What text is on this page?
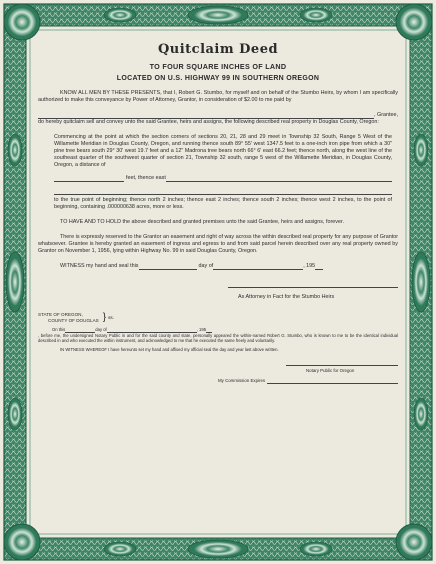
SOB 8-5
Quitclaim Deed
TO FOUR SQUARE INCHES OF LAND
LOCATED ON U.S. HIGHWAY 99 IN SOUTHERN OREGON

KNOW ALL MEN BY THESE PRESENTS, that I, Robert G. Stumbo, for myself and on behalf of the Stumbo Heirs, by whom I am specifically authorized to make this conveyance by Power of Attorney, Grantor, in consideration of $2.00 to me paid by

, Grantee,

do hereby quitclaim sell and convey unto the said Grantee, heirs and assigns, the following described real property in Douglas County, Oregon:

Commencing at the point at which the section corners of sections 20, 21, 28 and 29 meet in Township 32 South, Range 5 West of the Willamette Meridian in Douglas County, Oregon, and running thence south 89° 55' west 1347.5 feet to a one-inch iron pipe from which a 30" pine tree bears south 29° 30' west 19.7 feet and a 12" Madrona tree bears north 66° 6' east 66.2 feet; thence north, along the west line of the southeast quarter of the southwest quarter of section 21, Township 32 south, range 5 west of the Willamette Meridian, in Douglas County, Oregon, a distance of

feet, thence east

to the true point of beginning; thence north 2 inches; thence east 2 inches; thence south 2 inches; thence west 2 inches, to the point of beginning, containing .000000638 acres, more or less.

TO HAVE AND TO HOLD the above described and granted premises unto the said Grantee, heirs and assigns, forever.

There is expressly reserved to the Grantor an easement and right of way across the within described real property for any purpose of Grantor whatsoever. Grantee is hereby granted an easement of ingress and egress to and from said parcel herein described over any real property owned by Grantor on November 1, 1956, lying within Highway No. 99 in said Douglas County, Oregon.

WITNESS my hand and seal this	day of	, 195
As Attorney in Fact for the Stumbo Heirs
STATE OF OREGON,
COUNTY OF DOUGLAS } ss.
On this	day of	, 195

, before me, the undersigned Notary Public in and for the said county and state, personally appeared the within-named Robert G. Stumbo, who is known to me to be the identical individual described in and who executed the within instrument, and acknowledged to me that he executed the same freely and voluntarily.

IN WITNESS WHEREOF I have hereunto set my hand and affixed my official seal the day and year last above written.

Notary Public for Oregon
My Commission Expires
